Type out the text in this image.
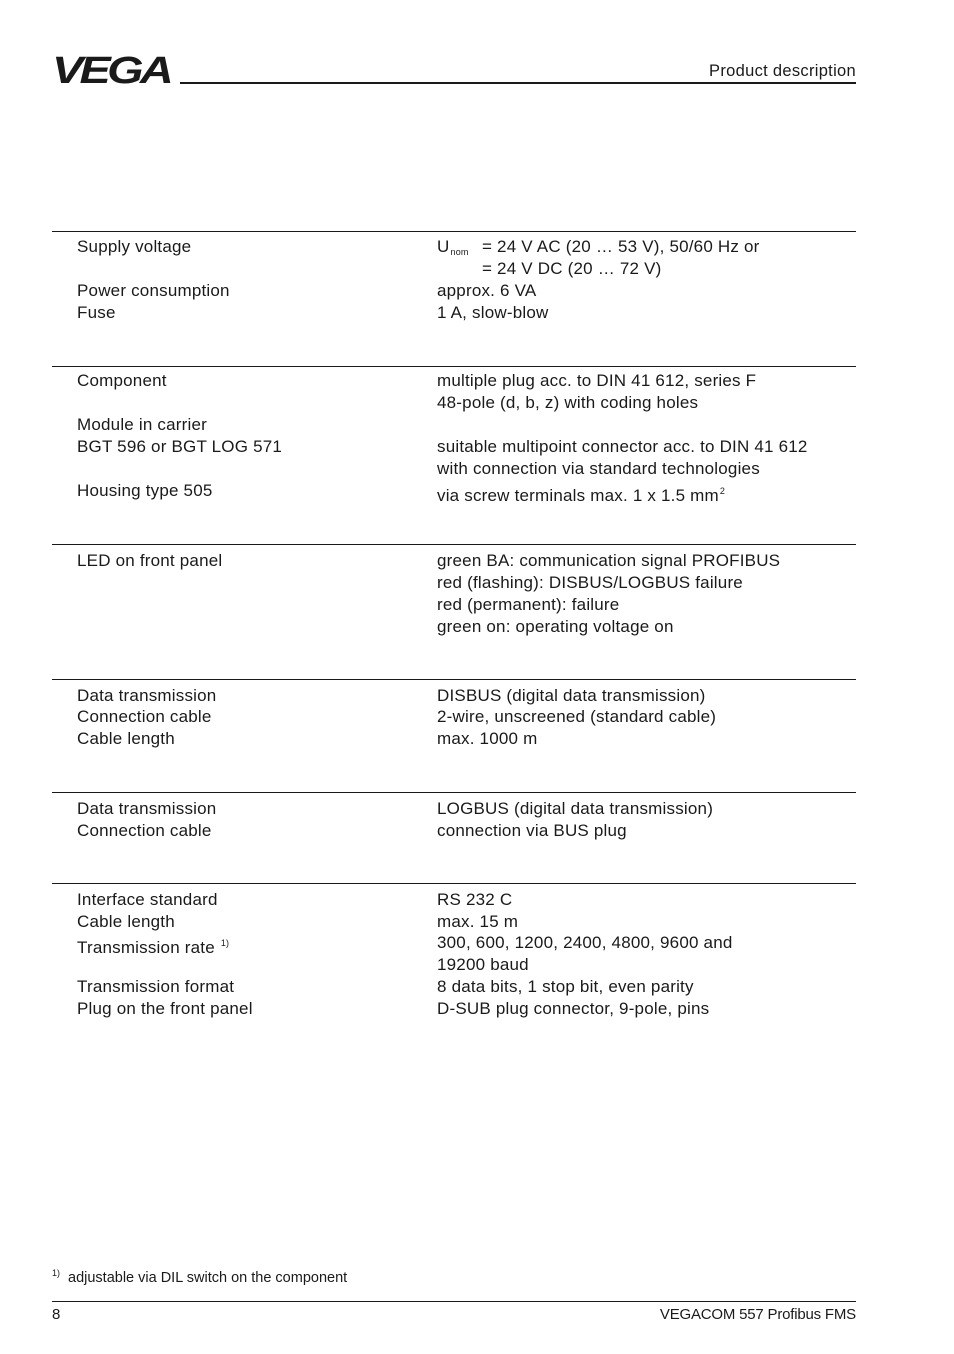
VEGA	Product description
Supply voltage	$U_{nom} = 24$ V AC (20 … 53 V), 50/60 Hz or
= 24 V DC (20 … 72 V)
Power consumption	approx. 6 VA
Fuse	1 A, slow-blow
Component	multiple plug acc. to DIN 41 612, series F
48-pole (d, b, z) with coding holes
Module in carrier
BGT 596 or BGT LOG 571	suitable multipoint connector acc. to DIN 41 612
with connection via standard technologies
Housing type 505	via screw terminals max. 1 x 1.5 $mm^2$
LED on front panel	green BA: communication signal PROFIBUS
red (flashing): DISBUS/LOGBUS failure
red (permanent): failure
green on: operating voltage on
Data transmission	DISBUS (digital data transmission)
Connection cable	2-wire, unscreened (standard cable)
Cable length	max. 1000 m
Data transmission	LOGBUS (digital data transmission)
Connection cable	connection via BUS plug
Interface standard	RS 232 C
Cable length	max. 15 m
Transmission rate $^{1)}$	300, 600, 1200, 2400, 4800, 9600 and
19200 baud
Transmission format	8 data bits, 1 stop bit, even parity
Plug on the front panel	D-SUB plug connector, 9-pole, pins
$^{1)}$ adjustable via DIL switch on the component
8	VEGACOM 557 Profibus FMS
